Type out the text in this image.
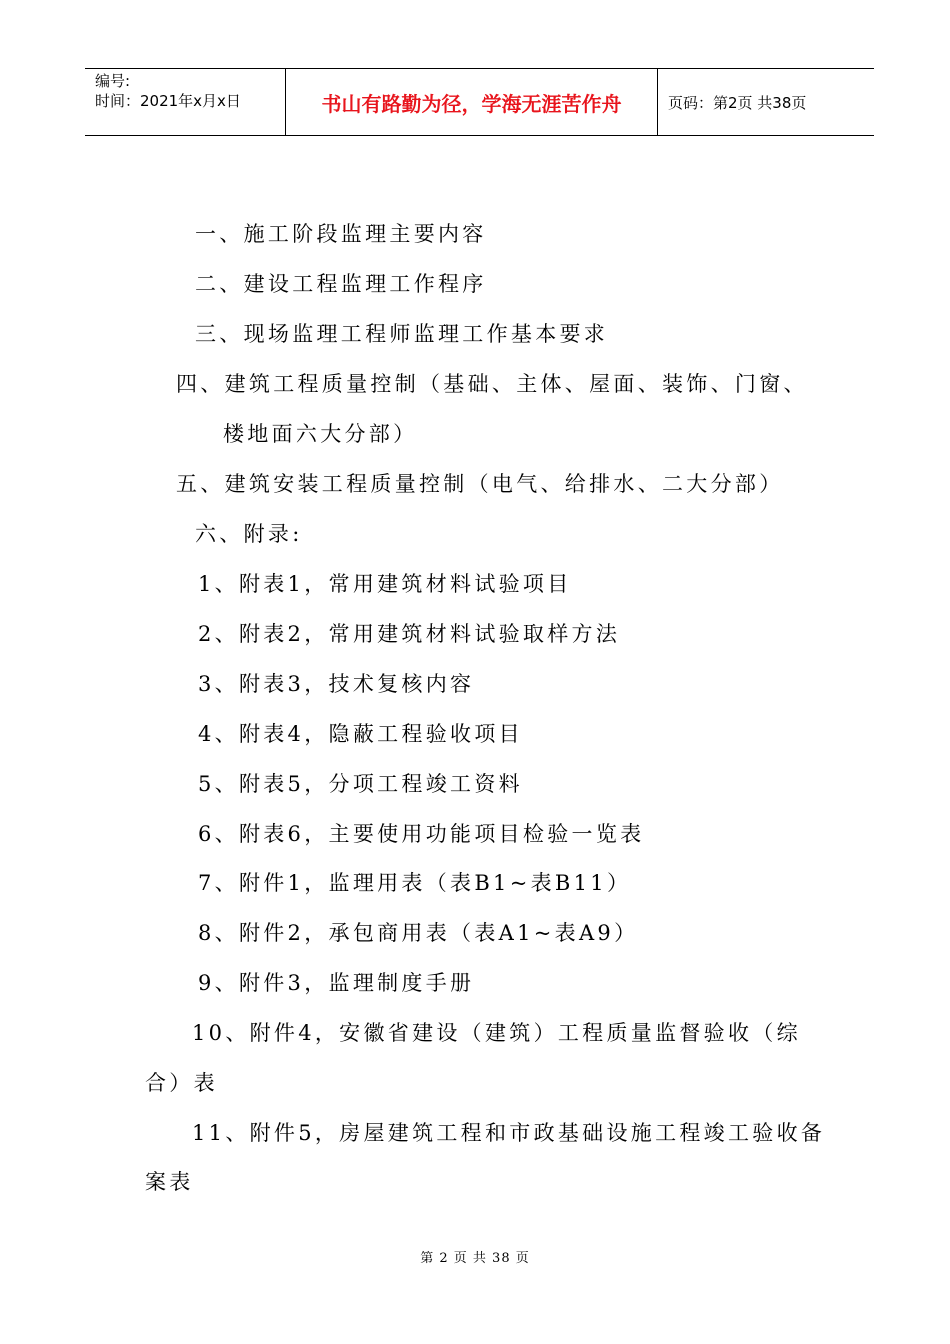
编号:
时间：2021年x月x日	书山有路勤为径，学海无涯苦作舟	页码：第2页 共38页
一、施工阶段监理主要内容
二、建设工程监理工作程序
三、现场监理工程师监理工作基本要求
四、建筑工程质量控制（基础、主体、屋面、装饰、门窗、
楼地面六大分部）
五、建筑安装工程质量控制（电气、给排水、二大分部）
六、附录:
1、附表1，常用建筑材料试验项目
2、附表2，常用建筑材料试验取样方法
3、附表3，技术复核内容
4、附表4，隐蔽工程验收项目
5、附表5，分项工程竣工资料
6、附表6，主要使用功能项目检验一览表
7、附件1，监理用表（表B1~表B11）
8、附件2，承包商用表（表A1~表A9）
9、附件3，监理制度手册
10、附件4，安徽省建设（建筑）工程质量监督验收（综
合）表
11、附件5，房屋建筑工程和市政基础设施工程竣工验收备
案表
第 2 页 共 38 页
